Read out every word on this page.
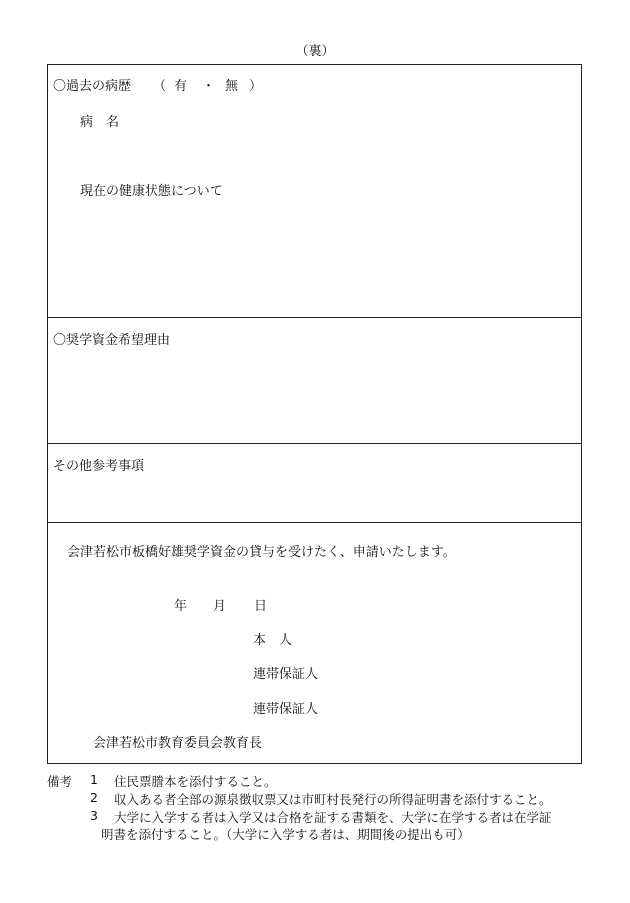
（裏）
〇過去の病歴 （ 有 ・ 無 ）
病　名
現在の健康状態について
〇奨学資金希望理由
その他参考事項
会津若松市板橋好雄奨学資金の貸与を受けたく、申請いたします。
年 月 日
本　人
連帯保証人
連帯保証人
会津若松市教育委員会教育長
備考 1 住民票謄本を添付すること。
2 収入ある者全部の源泉徴収票又は市町村長発行の所得証明書を添付すること。
3 大学に入学する者は入学又は合格を証する書類を、大学に在学する者は在学証
明書を添付すること。（大学に入学する者は、期間後の提出も可）
